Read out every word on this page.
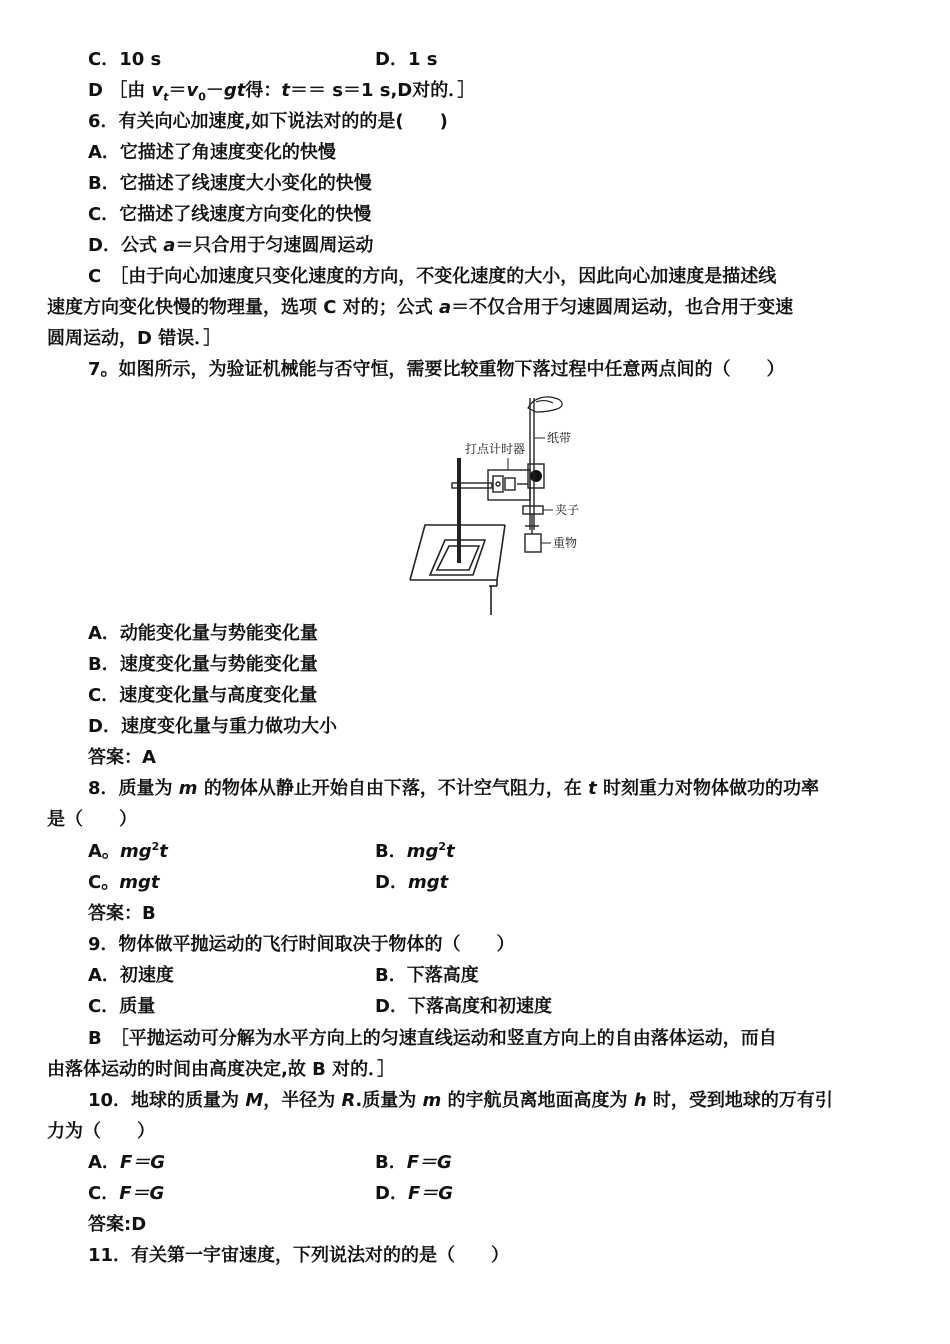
C．10 s	D．1 s
D ［由 $v_t=v_0-gt$得：t＝＝ s＝1 s,D对的．］
6．有关向心加速度,如下说法对的的是(　　)
A．它描述了角速度变化的快慢
B．它描述了线速度大小变化的快慢
C．它描述了线速度方向变化的快慢
D．公式 a＝只合用于匀速圆周运动
C　［由于向心加速度只变化速度的方向，不变化速度的大小，因此向心加速度是描述线
速度方向变化快慢的物理量，选项 C 对的；公式 a＝不仅合用于匀速圆周运动，也合用于变速
圆周运动，D 错误．］
7。如图所示，为验证机械能与否守恒，需要比较重物下落过程中任意两点间的（　　）
打点计时器
纸带
夹子
重物
A．动能变化量与势能变化量
B．速度变化量与势能变化量
C．速度变化量与高度变化量
D．速度变化量与重力做功大小
答案：A
8．质量为 m 的物体从静止开始自由下落，不计空气阻力，在 t 时刻重力对物体做功的功率
是（　　）
A。$mg^2t$	B．$mg^2t$
C。mgt	D．mgt
答案：B
9．物体做平抛运动的飞行时间取决于物体的（　　）
A．初速度	B．下落高度
C．质量	D．下落高度和初速度
B　［平抛运动可分解为水平方向上的匀速直线运动和竖直方向上的自由落体运动，而自
由落体运动的时间由高度决定,故 B 对的．］
10．地球的质量为 M，半径为 R.质量为 m 的宇航员离地面高度为 h 时，受到地球的万有引
力为（　　）
A．F＝G	B．F＝G
C．F＝G	D．F＝G
答案:D
11．有关第一宇宙速度，下列说法对的的是（　　）
